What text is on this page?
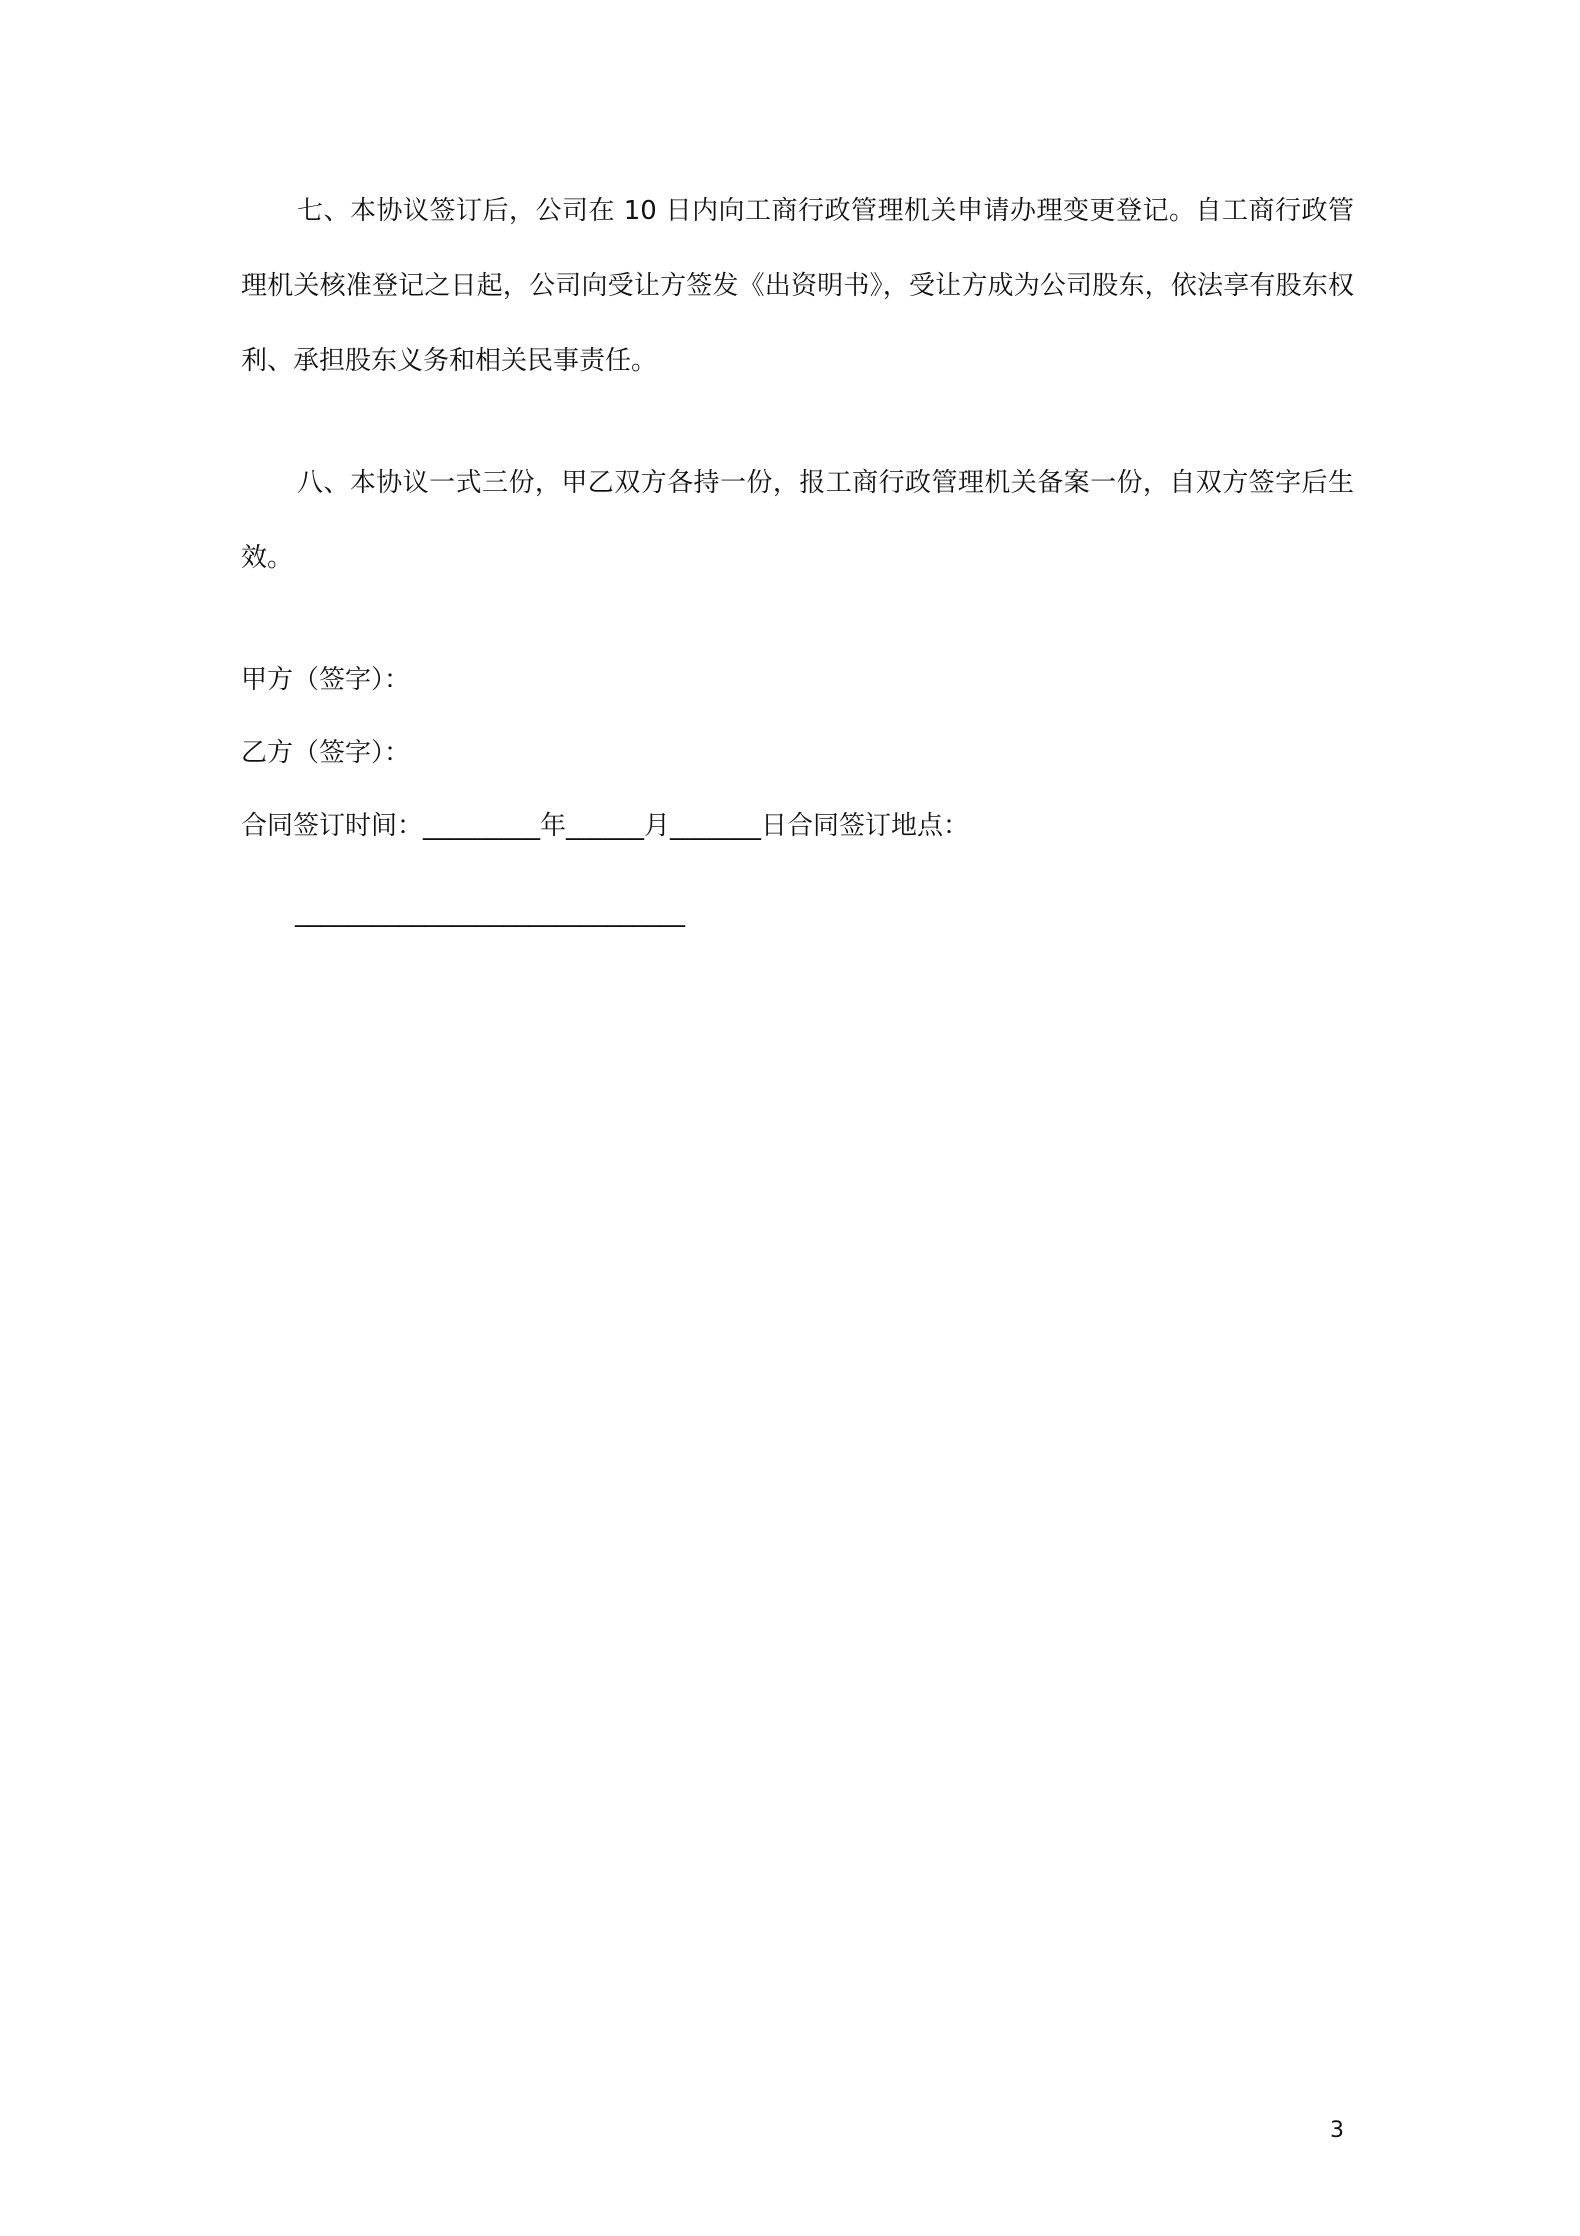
七、本协议签订后，公司在 10 日内向工商行政管理机关申请办理变更登记。自工商行政管理机关核准登记之日起，公司向受让方签发《出资明书》，受让方成为公司股东，依法享有股东权利、承担股东义务和相关民事责任。

八、本协议一式三份，甲乙双方各持一份，报工商行政管理机关备案一份，自双方签字后生效。

甲方（签字）：

乙方（签字）：

合同签订时间：_________年______月_______日合同签订地点：

______________________________

3
